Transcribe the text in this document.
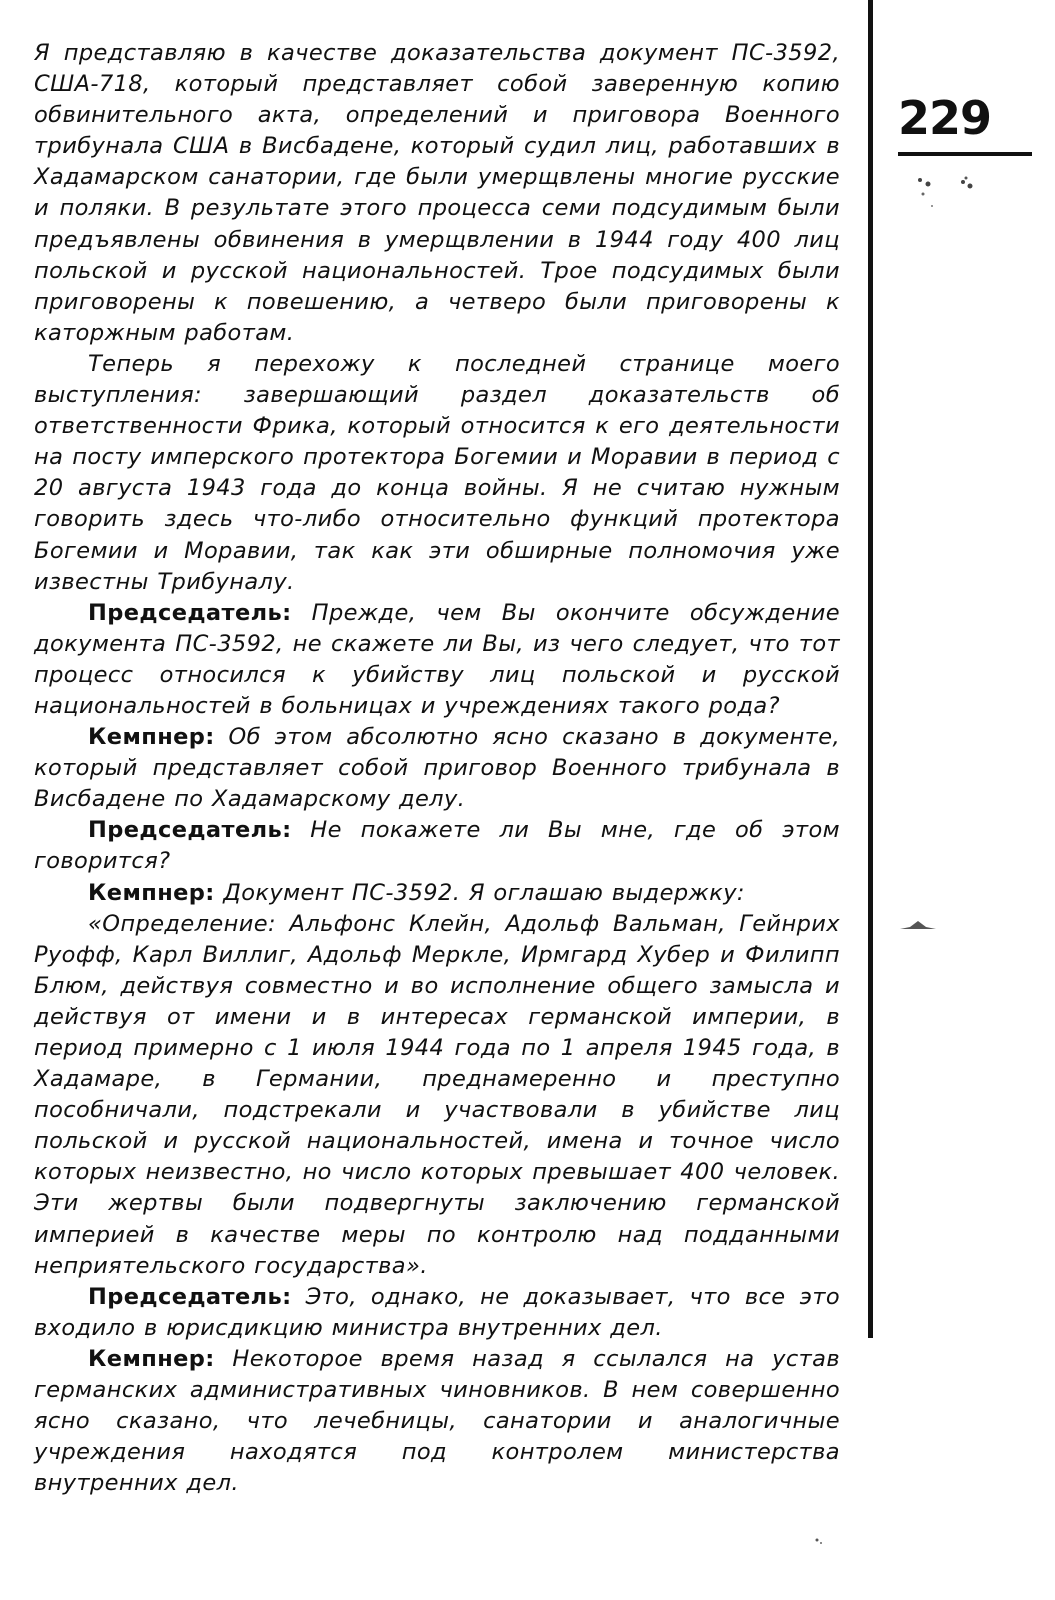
Я представляю в качестве доказательства документ ПС-3592, США-718, который представляет собой заверенную копию обвинительного акта, определений и приговора Военного трибунала США в Висбадене, который судил лиц, работавших в Хадамарском санатории, где были умерщвлены многие русские и поляки. В результате этого процесса семи подсудимым были предъявлены обвинения в умерщвлении в 1944 году 400 лиц польской и русской национальностей. Трое подсудимых были приговорены к повешению, а четверо были приговорены к каторжным работам.

Теперь я перехожу к последней странице моего выступления: завершающий раздел доказательств об ответственности Фрика, который относится к его деятельности на посту имперского протектора Богемии и Моравии в период с 20 августа 1943 года до конца войны. Я не считаю нужным говорить здесь что-либо относительно функций протектора Богемии и Моравии, так как эти обширные полномочия уже известны Трибуналу.

Председатель: Прежде, чем Вы окончите обсуждение документа ПС-3592, не скажете ли Вы, из чего следует, что тот процесс относился к убийству лиц польской и русской национальностей в больницах и учреждениях такого рода?

Кемпнер: Об этом абсолютно ясно сказано в документе, который представляет собой приговор Военного трибунала в Висбадене по Хадамарскому делу.

Председатель: Не покажете ли Вы мне, где об этом говорится?

Кемпнер: Документ ПС-3592. Я оглашаю выдержку:

«Определение: Альфонс Клейн, Адольф Вальман, Гейнрих Руофф, Карл Виллиг, Адольф Меркле, Ирмгард Хубер и Филипп Блюм, действуя совместно и во исполнение общего замысла и действуя от имени и в интересах германской империи, в период примерно с 1 июля 1944 года по 1 апреля 1945 года, в Хадамаре, в Германии, преднамеренно и преступно пособничали, подстрекали и участвовали в убийстве лиц польской и русской национальностей, имена и точное число которых неизвестно, но число которых превышает 400 человек. Эти жертвы были подвергнуты заключению германской империей в качестве меры по контролю над подданными неприятельского государства».

Председатель: Это, однако, не доказывает, что все это входило в юрисдикцию министра внутренних дел.

Кемпнер: Некоторое время назад я ссылался на устав германских административных чиновников. В нем совершенно ясно сказано, что лечебницы, санатории и аналогичные учреждения находятся под контролем министерства внутренних дел.

229
